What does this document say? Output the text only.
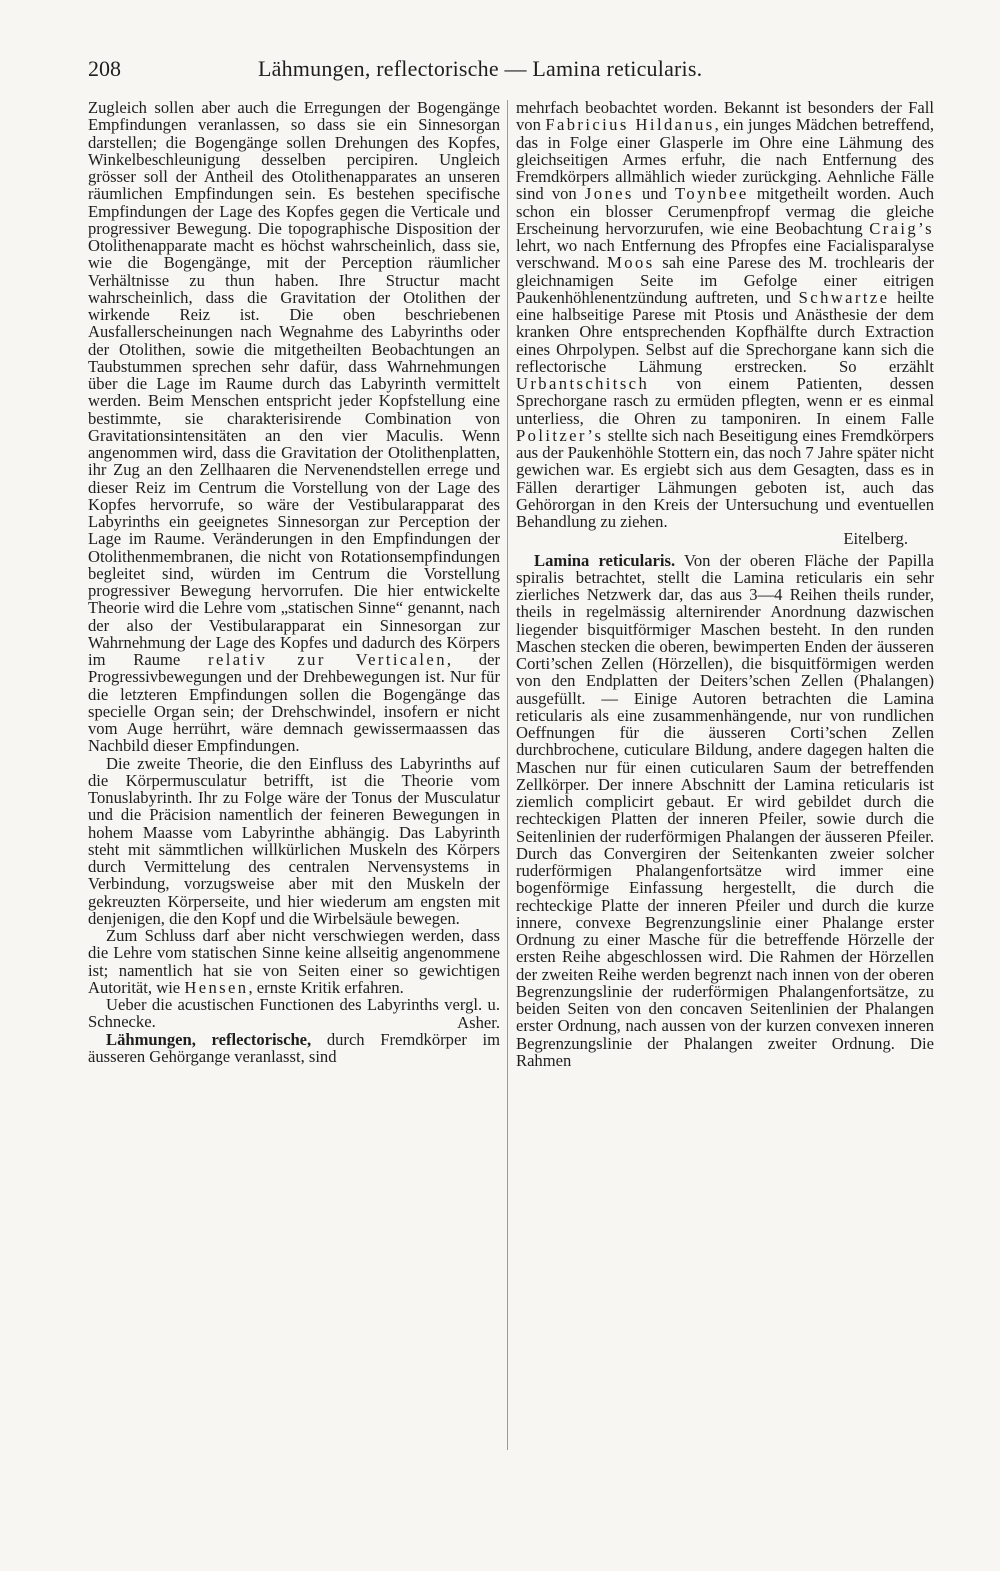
208	Lähmungen, reflectorische — Lamina reticularis.

Zugleich sollen aber auch die Erregungen der Bogengänge Empfindungen veranlassen, so dass sie ein Sinnesorgan darstellen; die Bogengänge sollen Drehungen des Kopfes, Winkelbeschleunigung desselben percipiren. Ungleich grösser soll der Antheil des Otolithenapparates an unseren räumlichen Empfindungen sein. Es bestehen specifische Empfindungen der Lage des Kopfes gegen die Verticale und progressiver Bewegung. Die topographische Disposition der Otolithenapparate macht es höchst wahrscheinlich, dass sie, wie die Bogengänge, mit der Perception räumlicher Verhältnisse zu thun haben. Ihre Structur macht wahrscheinlich, dass die Gravitation der Otolithen der wirkende Reiz ist. Die oben beschriebenen Ausfallerscheinungen nach Wegnahme des Labyrinths oder der Otolithen, sowie die mitgetheilten Beobachtungen an Taubstummen sprechen sehr dafür, dass Wahrnehmungen über die Lage im Raume durch das Labyrinth vermittelt werden. Beim Menschen entspricht jeder Kopfstellung eine bestimmte, sie charakterisirende Combination von Gravitationsintensitäten an den vier Maculis. Wenn angenommen wird, dass die Gravitation der Otolithenplatten, ihr Zug an den Zellhaaren die Nervenendstellen errege und dieser Reiz im Centrum die Vorstellung von der Lage des Kopfes hervorrufe, so wäre der Vestibularapparat des Labyrinths ein geeignetes Sinnesorgan zur Perception der Lage im Raume. Veränderungen in den Empfindungen der Otolithenmembranen, die nicht von Rotationsempfindungen begleitet sind, würden im Centrum die Vorstellung progressiver Bewegung hervorrufen. Die hier entwickelte Theorie wird die Lehre vom „statischen Sinne“ genannt, nach der also der Vestibularapparat ein Sinnesorgan zur Wahrnehmung der Lage des Kopfes und dadurch des Körpers im Raume relativ zur Verticalen, der Progressivbewegungen und der Drehbewegungen ist. Nur für die letzteren Empfindungen sollen die Bogengänge das specielle Organ sein; der Drehschwindel, insofern er nicht vom Auge herrührt, wäre demnach gewissermaassen das Nachbild dieser Empfindungen.

Die zweite Theorie, die den Einfluss des Labyrinths auf die Körpermusculatur betrifft, ist die Theorie vom Tonuslabyrinth. Ihr zu Folge wäre der Tonus der Musculatur und die Präcision namentlich der feineren Bewegungen in hohem Maasse vom Labyrinthe abhängig. Das Labyrinth steht mit sämmtlichen willkürlichen Muskeln des Körpers durch Vermittelung des centralen Nervensystems in Verbindung, vorzugsweise aber mit den Muskeln der gekreuzten Körperseite, und hier wiederum am engsten mit denjenigen, die den Kopf und die Wirbelsäule bewegen.

Zum Schluss darf aber nicht verschwiegen werden, dass die Lehre vom statischen Sinne keine allseitig angenommene ist; namentlich hat sie von Seiten einer so gewichtigen Autorität, wie Hensen, ernste Kritik erfahren.

Ueber die acustischen Functionen des Labyrinths vergl. u. Schnecke.	Asher.

Lähmungen, reflectorische, durch Fremdkörper im äusseren Gehörgange veranlasst, sind

mehrfach beobachtet worden. Bekannt ist besonders der Fall von Fabricius Hildanus, ein junges Mädchen betreffend, das in Folge einer Glasperle im Ohre eine Lähmung des gleichseitigen Armes erfuhr, die nach Entfernung des Fremdkörpers allmählich wieder zurückging. Aehnliche Fälle sind von Jones und Toynbee mitgetheilt worden. Auch schon ein blosser Cerumenpfropf vermag die gleiche Erscheinung hervorzurufen, wie eine Beobachtung Craig’s lehrt, wo nach Entfernung des Pfropfes eine Facialisparalyse verschwand. Moos sah eine Parese des M. trochlearis der gleichnamigen Seite im Gefolge einer eitrigen Paukenhöhlenentzündung auftreten, und Schwartze heilte eine halbseitige Parese mit Ptosis und Anästhesie der dem kranken Ohre entsprechenden Kopfhälfte durch Extraction eines Ohrpolypen. Selbst auf die Sprechorgane kann sich die reflectorische Lähmung erstrecken. So erzählt Urbantschitsch von einem Patienten, dessen Sprechorgane rasch zu ermüden pflegten, wenn er es einmal unterliess, die Ohren zu tamponiren. In einem Falle Politzer’s stellte sich nach Beseitigung eines Fremdkörpers aus der Paukenhöhle Stottern ein, das noch 7 Jahre später nicht gewichen war. Es ergiebt sich aus dem Gesagten, dass es in Fällen derartiger Lähmungen geboten ist, auch das Gehörorgan in den Kreis der Untersuchung und eventuellen Behandlung zu ziehen.

Eitelberg.

Lamina reticularis. Von der oberen Fläche der Papilla spiralis betrachtet, stellt die Lamina reticularis ein sehr zierliches Netzwerk dar, das aus 3—4 Reihen theils runder, theils in regelmässig alternirender Anordnung dazwischen liegender bisquitförmiger Maschen besteht. In den runden Maschen stecken die oberen, bewimperten Enden der äusseren Corti’schen Zellen (Hörzellen), die bisquitförmigen werden von den Endplatten der Deiters’schen Zellen (Phalangen) ausgefüllt. — Einige Autoren betrachten die Lamina reticularis als eine zusammenhängende, nur von rundlichen Oeffnungen für die äusseren Corti’schen Zellen durchbrochene, cuticulare Bildung, andere dagegen halten die Maschen nur für einen cuticularen Saum der betreffenden Zellkörper. Der innere Abschnitt der Lamina reticularis ist ziemlich complicirt gebaut. Er wird gebildet durch die rechteckigen Platten der inneren Pfeiler, sowie durch die Seitenlinien der ruderförmigen Phalangen der äusseren Pfeiler. Durch das Convergiren der Seitenkanten zweier solcher ruderförmigen Phalangenfortsätze wird immer eine bogenförmige Einfassung hergestellt, die durch die rechteckige Platte der inneren Pfeiler und durch die kurze innere, convexe Begrenzungslinie einer Phalange erster Ordnung zu einer Masche für die betreffende Hörzelle der ersten Reihe abgeschlossen wird. Die Rahmen der Hörzellen der zweiten Reihe werden begrenzt nach innen von der oberen Begrenzungslinie der ruderförmigen Phalangenfortsätze, zu beiden Seiten von den concaven Seitenlinien der Phalangen erster Ordnung, nach aussen von der kurzen convexen inneren Begrenzungslinie der Phalangen zweiter Ordnung. Die Rahmen
